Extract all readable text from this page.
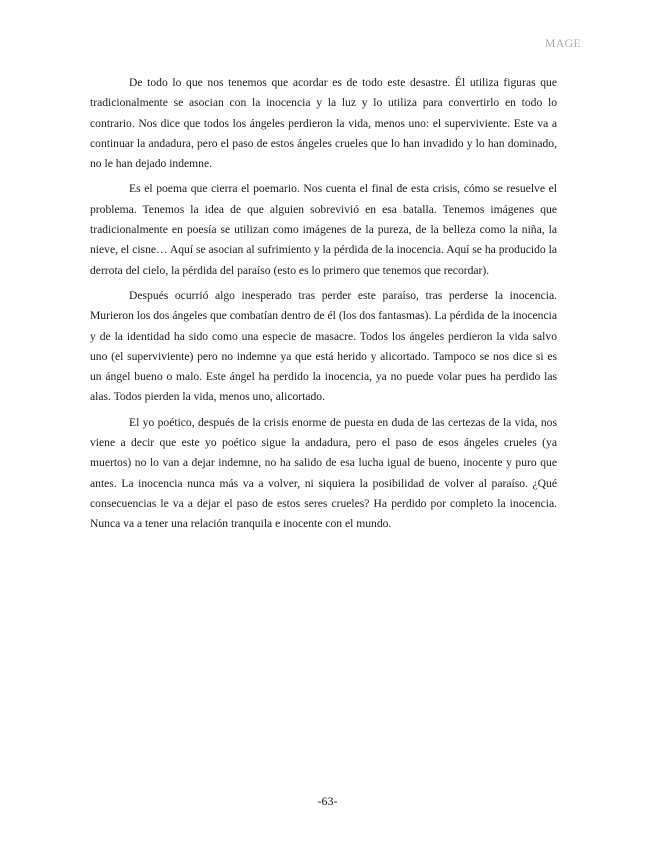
MAGE

De todo lo que nos tenemos que acordar es de todo este desastre. Él utiliza figuras que tradicionalmente se asocian con la inocencia y la luz y lo utiliza para convertirlo en todo lo contrario. Nos dice que todos los ángeles perdieron la vida, menos uno: el superviviente. Este va a continuar la andadura, pero el paso de estos ángeles crueles que lo han invadido y lo han dominado, no le han dejado indemne.

Es el poema que cierra el poemario. Nos cuenta el final de esta crisis, cómo se resuelve el problema. Tenemos la idea de que alguien sobrevivió en esa batalla. Tenemos imágenes que tradicionalmente en poesía se utilizan como imágenes de la pureza, de la belleza como la niña, la nieve, el cisne… Aquí se asocian al sufrimiento y la pérdida de la inocencia. Aquí se ha producido la derrota del cielo, la pérdida del paraíso (esto es lo primero que tenemos que recordar).

Después ocurrió algo inesperado tras perder este paraíso, tras perderse la inocencia. Murieron los dos ángeles que combatían dentro de él (los dos fantasmas). La pérdida de la inocencia y de la identidad ha sido como una especie de masacre. Todos los ángeles perdieron la vida salvo uno (el superviviente) pero no indemne ya que está herido y alicortado. Tampoco se nos dice si es un ángel bueno o malo. Este ángel ha perdido la inocencia, ya no puede volar pues ha perdido las alas. Todos pierden la vida, menos uno, alicortado.

El yo poético, después de la crisis enorme de puesta en duda de las certezas de la vida, nos viene a decir que este yo poético sigue la andadura, pero el paso de esos ángeles crueles (ya muertos) no lo van a dejar indemne, no ha salido de esa lucha igual de bueno, inocente y puro que antes. La inocencia nunca más va a volver, ni siquiera la posibilidad de volver al paraíso. ¿Qué consecuencias le va a dejar el paso de estos seres crueles? Ha perdido por completo la inocencia. Nunca va a tener una relación tranquila e inocente con el mundo.

-63-
